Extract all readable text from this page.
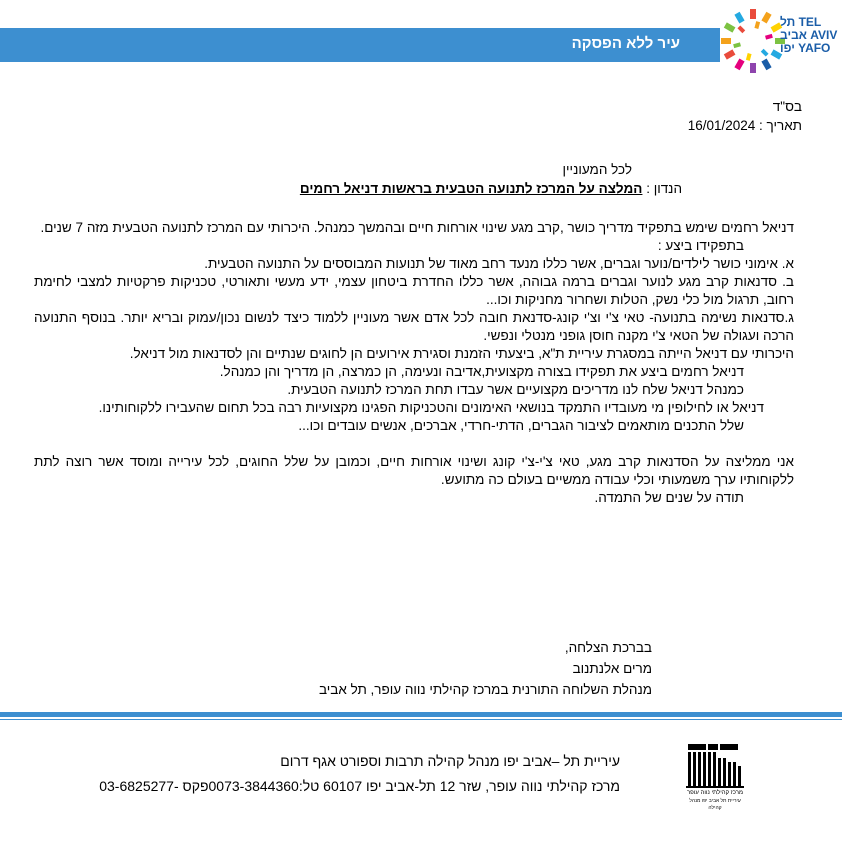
עיר ללא הפסקה
תל TEL
אביב AVIV
יפו YAFO
בס"ד
תאריך : 16/01/2024
לכל המעוניין
הנדון : המלצה על המרכז לתנועה הטבעית בראשות דניאל רחמים

דניאל רחמים שימש בתפקיד מדריך כושר ,קרב מגע שינוי אורחות חיים ובהמשך כמנהל. היכרותי עם המרכז לתנועה הטבעית מזה 7 שנים.

בתפקידו ביצע :

א. אימוני כושר לילדים/נוער וגברים, אשר כללו מנעד רחב מאוד של תנועות המבוססים על התנועה הטבעית.

ב. סדנאות קרב מגע לנוער וגברים ברמה גבוהה, אשר כללו החדרת ביטחון עצמי, ידע מעשי ותאורטי, טכניקות פרקטיות למצבי לחימת רחוב, תרגול מול כלי נשק, הטלות ושחרור מחניקות וכו...

ג.סדנאות נשימה בתנועה- טאי צ'י וצ'י קונג-סדנאת חובה לכל אדם אשר מעוניין ללמוד כיצד לנשום נכון/עמוק ובריא יותר. בנוסף התנועה הרכה ועגולה של הטאי צ'י מקנה חוסן גופני מנטלי ונפשי.

היכרותי עם דניאל הייתה במסגרת עיריית ת"א, ביצעתי הזמנת וסגירת אירועים הן לחוגים שנתיים והן לסדנאות מול דניאל.

דניאל רחמים ביצע את תפקידו בצורה מקצועית,אדיבה ונעימה, הן כמרצה, הן מדריך והן כמנהל.

כמנהל דניאל שלח לנו מדריכים מקצועיים אשר עבדו תחת המרכז לתנועה הטבעית.

דניאל או לחילופין מי מעובדיו התמקד בנושאי האימונים והטכניקות הפגינו מקצועיות רבה בכל תחום שהעבירו ללקוחותינו.

שלל התכנים מותאמים לציבור הגברים, הדתי-חרדי, אברכים, אנשים עובדים וכו...

אני ממליצה על הסדנאות קרב מגע, טאי צ'י-צ'י קונג ושינוי אורחות חיים, וכמובן על שלל החוגים, לכל עירייה ומוסד אשר רוצה לתת ללקוחותיו ערך משמעותי וכלי עבודה ממשיים בעולם כה מתועש.

תודה על שנים של התמדה.

בברכת הצלחה,
מרים אלנתנוב
מנהלת השלוחה התורנית במרכז קהילתי נווה עופר, תל אביב
עיריית תל –אביב יפו מנהל קהילה תרבות וספורט אגף דרום
מרכז קהילתי נווה עופר, שזר 12 תל-אביב יפו 60107 טל:0073-3844360פקס -03-6825277	מרכז קהילתי נווה עופר
עיריית תל אביב יפו מנהל קהילה
